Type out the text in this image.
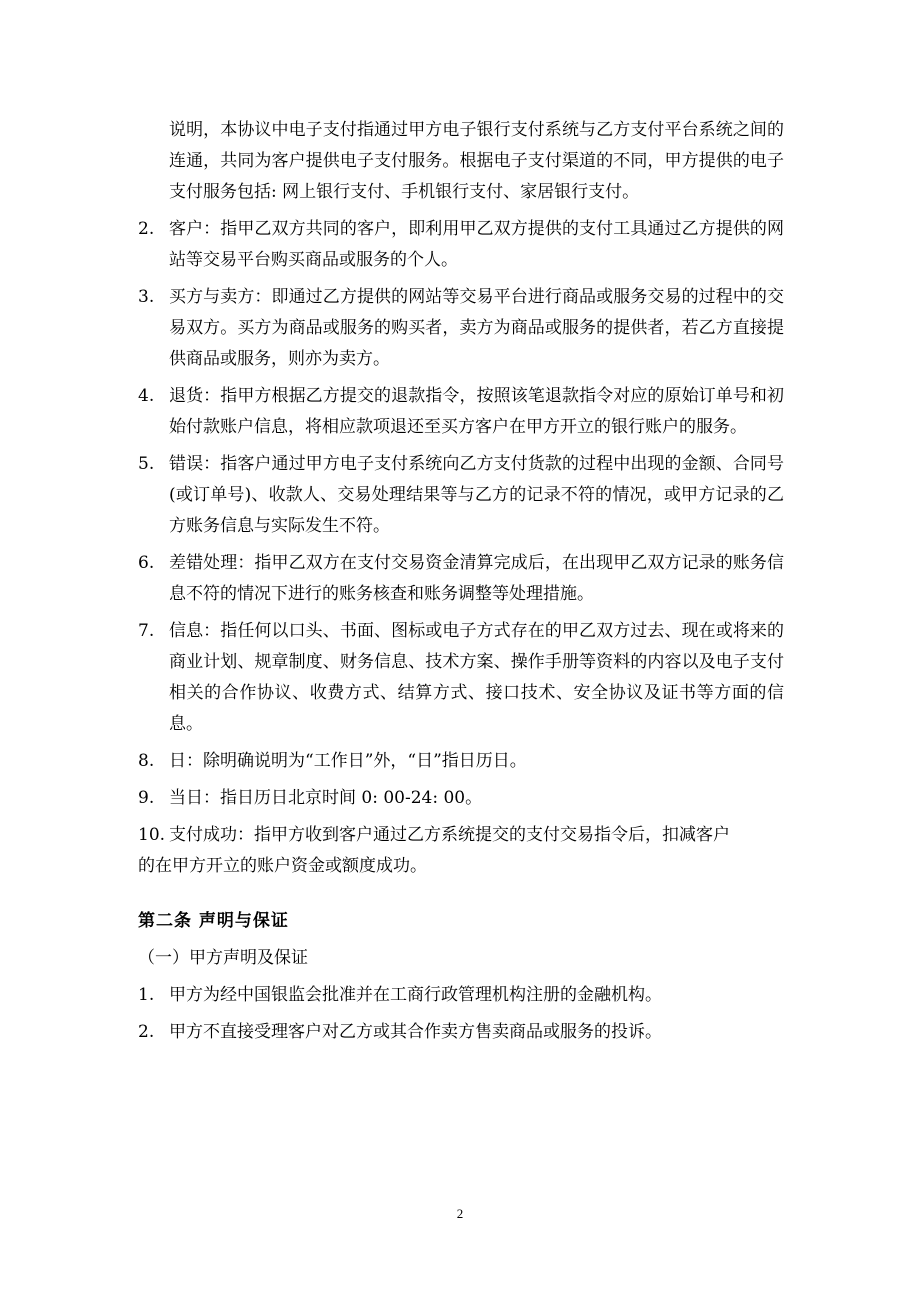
说明，本协议中电子支付指通过甲方电子银行支付系统与乙方支付平台系统之间的连通，共同为客户提供电子支付服务。根据电子支付渠道的不同，甲方提供的电子支付服务包括: 网上银行支付、手机银行支付、家居银行支付。

2. 客户：指甲乙双方共同的客户，即利用甲乙双方提供的支付工具通过乙方提供的网站等交易平台购买商品或服务的个人。
3. 买方与卖方：即通过乙方提供的网站等交易平台进行商品或服务交易的过程中的交易双方。买方为商品或服务的购买者，卖方为商品或服务的提供者，若乙方直接提供商品或服务，则亦为卖方。
4. 退货：指甲方根据乙方提交的退款指令，按照该笔退款指令对应的原始订单号和初始付款账户信息，将相应款项退还至买方客户在甲方开立的银行账户的服务。
5. 错误：指客户通过甲方电子支付系统向乙方支付货款的过程中出现的金额、合同号(或订单号)、收款人、交易处理结果等与乙方的记录不符的情况，或甲方记录的乙方账务信息与实际发生不符。
6. 差错处理：指甲乙双方在支付交易资金清算完成后，在出现甲乙双方记录的账务信息不符的情况下进行的账务核查和账务调整等处理措施。
7. 信息：指任何以口头、书面、图标或电子方式存在的甲乙双方过去、现在或将来的商业计划、规章制度、财务信息、技术方案、操作手册等资料的内容以及电子支付相关的合作协议、收费方式、结算方式、接口技术、安全协议及证书等方面的信息。
8. 日：除明确说明为“工作日”外，“日”指日历日。
9. 当日：指日历日北京时间 0: 00-24: 00。
10. 支付成功：指甲方收到客户通过乙方系统提交的支付交易指令后，扣减客户

的在甲方开立的账户资金或额度成功。

第二条 声明与保证
（一）甲方声明及保证
1. 甲方为经中国银监会批准并在工商行政管理机构注册的金融机构。
2. 甲方不直接受理客户对乙方或其合作卖方售卖商品或服务的投诉。
2
